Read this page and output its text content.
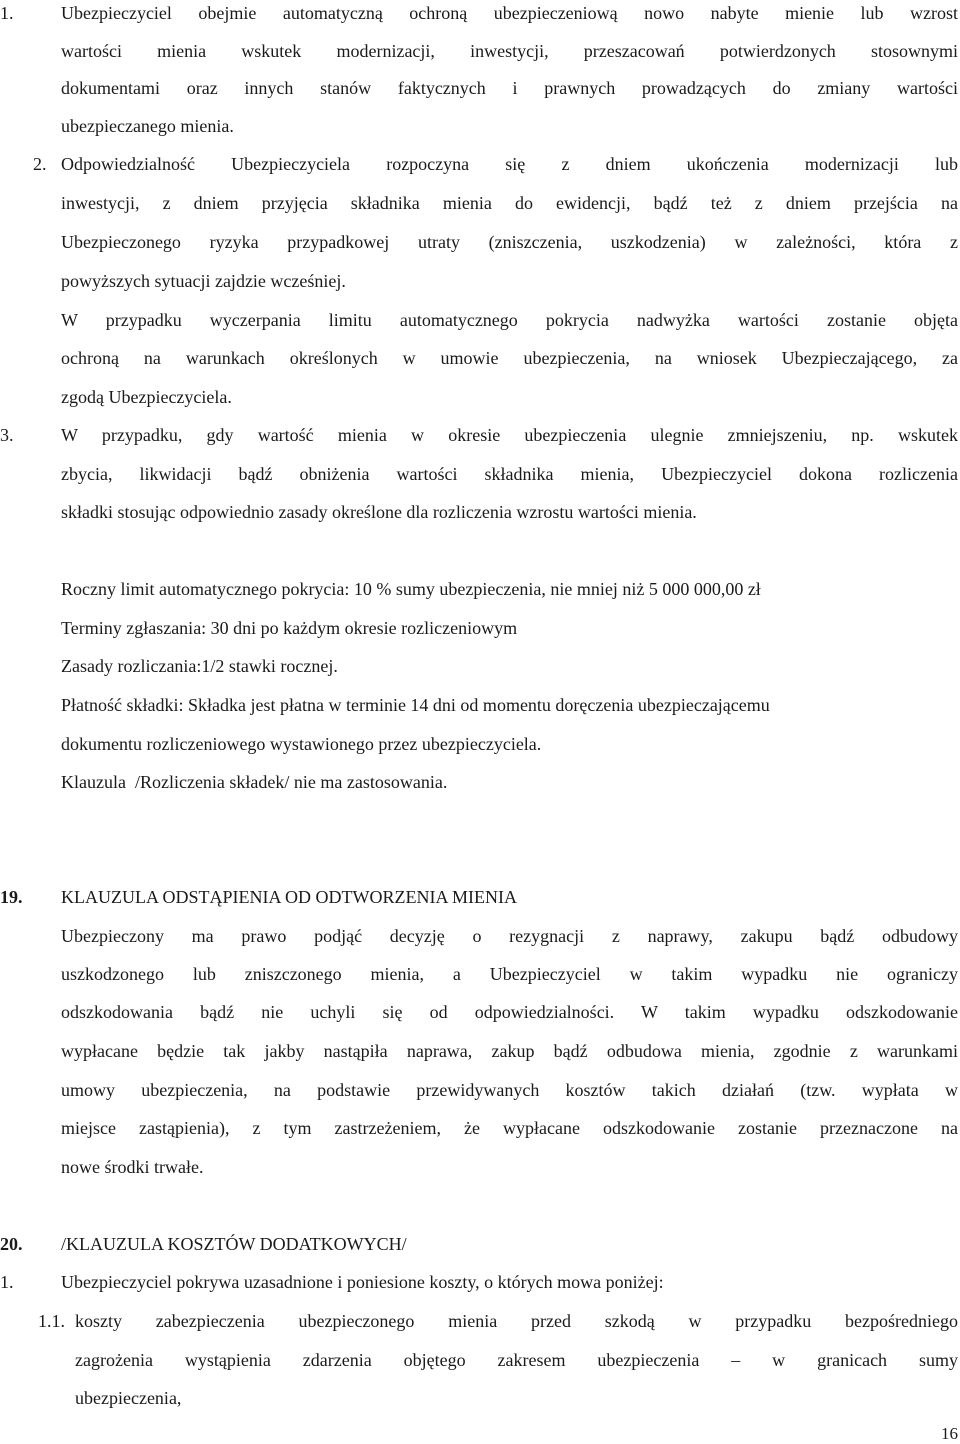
1.	Ubezpieczyciel obejmie automatyczną ochroną ubezpieczeniową nowo nabyte mienie lub wzrost
wartości mienia wskutek modernizacji, inwestycji, przeszacowań potwierdzonych stosownymi
dokumentami oraz innych stanów faktycznych i prawnych prowadzących do zmiany wartości
ubezpieczanego mienia.
2. Odpowiedzialność Ubezpieczyciela rozpoczyna się z dniem ukończenia modernizacji lub
inwestycji, z dniem przyjęcia składnika mienia do ewidencji, bądź też z dniem przejścia na
Ubezpieczonego ryzyka przypadkowej utraty (zniszczenia, uszkodzenia) w zależności, która z
powyższych sytuacji zajdzie wcześniej.
W przypadku wyczerpania limitu automatycznego pokrycia nadwyżka wartości zostanie objęta
ochroną na warunkach określonych w umowie ubezpieczenia, na wniosek Ubezpieczającego, za
zgodą Ubezpieczyciela.
3.	W przypadku, gdy wartość mienia w okresie ubezpieczenia ulegnie zmniejszeniu, np. wskutek
zbycia, likwidacji bądź obniżenia wartości składnika mienia, Ubezpieczyciel dokona rozliczenia
składki stosując odpowiednio zasady określone dla rozliczenia wzrostu wartości mienia.
Roczny limit automatycznego pokrycia: 10 % sumy ubezpieczenia, nie mniej niż 5 000 000,00 zł
Terminy zgłaszania: 30 dni po każdym okresie rozliczeniowym
Zasady rozliczania:1/2 stawki rocznej.
Płatność składki: Składka jest płatna w terminie 14 dni od momentu doręczenia ubezpieczającemu
dokumentu rozliczeniowego wystawionego przez ubezpieczyciela.
Klauzula  /Rozliczenia składek/ nie ma zastosowania.
19. KLAUZULA ODSTĄPIENIA OD ODTWORZENIA MIENIA
Ubezpieczony ma prawo podjąć decyzję o rezygnacji z naprawy, zakupu bądź odbudowy
uszkodzonego lub zniszczonego mienia, a Ubezpieczyciel w takim wypadku nie ograniczy
odszkodowania bądź nie uchyli się od odpowiedzialności. W takim wypadku odszkodowanie
wypłacane będzie tak jakby nastąpiła naprawa, zakup bądź odbudowa mienia, zgodnie z warunkami
umowy ubezpieczenia, na podstawie przewidywanych kosztów takich działań (tzw. wypłata w
miejsce zastąpienia), z tym zastrzeżeniem, że wypłacane odszkodowanie zostanie przeznaczone na
nowe środki trwałe.
20. /KLAUZULA KOSZTÓW DODATKOWYCH/
1.	Ubezpieczyciel pokrywa uzasadnione i poniesione koszty, o których mowa poniżej:
1.1. koszty zabezpieczenia ubezpieczonego mienia przed szkodą w przypadku bezpośredniego
zagrożenia wystąpienia zdarzenia objętego zakresem ubezpieczenia – w granicach sumy
ubezpieczenia,
16
